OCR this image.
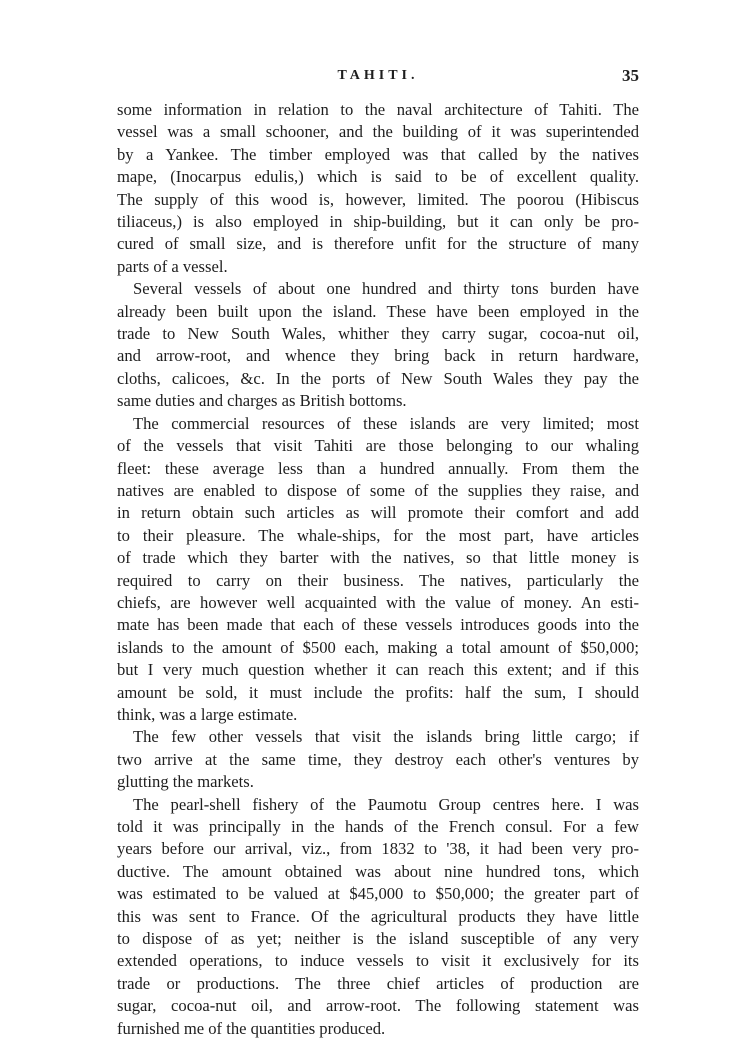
TAHITI.	35

some information in relation to the naval architecture of Tahiti. The
vessel was a small schooner, and the building of it was superintended
by a Yankee. The timber employed was that called by the natives
mape, (Inocarpus edulis,) which is said to be of excellent quality.
The supply of this wood is, however, limited. The poorou (Hibiscus
tiliaceus,) is also employed in ship-building, but it can only be pro-
cured of small size, and is therefore unfit for the structure of many
parts of a vessel.

Several vessels of about one hundred and thirty tons burden have
already been built upon the island. These have been employed in the
trade to New South Wales, whither they carry sugar, cocoa-nut oil,
and arrow-root, and whence they bring back in return hardware,
cloths, calicoes, &c. In the ports of New South Wales they pay the
same duties and charges as British bottoms.

The commercial resources of these islands are very limited; most
of the vessels that visit Tahiti are those belonging to our whaling
fleet: these average less than a hundred annually. From them the
natives are enabled to dispose of some of the supplies they raise, and
in return obtain such articles as will promote their comfort and add
to their pleasure. The whale-ships, for the most part, have articles
of trade which they barter with the natives, so that little money is
required to carry on their business. The natives, particularly the
chiefs, are however well acquainted with the value of money. An esti-
mate has been made that each of these vessels introduces goods into the
islands to the amount of $500 each, making a total amount of $50,000;
but I very much question whether it can reach this extent; and if this
amount be sold, it must include the profits: half the sum, I should
think, was a large estimate.

The few other vessels that visit the islands bring little cargo; if
two arrive at the same time, they destroy each other's ventures by
glutting the markets.

The pearl-shell fishery of the Paumotu Group centres here. I was
told it was principally in the hands of the French consul. For a few
years before our arrival, viz., from 1832 to '38, it had been very pro-
ductive. The amount obtained was about nine hundred tons, which
was estimated to be valued at $45,000 to $50,000; the greater part of
this was sent to France. Of the agricultural products they have little
to dispose of as yet; neither is the island susceptible of any very
extended operations, to induce vessels to visit it exclusively for its
trade or productions. The three chief articles of production are
sugar, cocoa-nut oil, and arrow-root. The following statement was
furnished me of the quantities produced.
